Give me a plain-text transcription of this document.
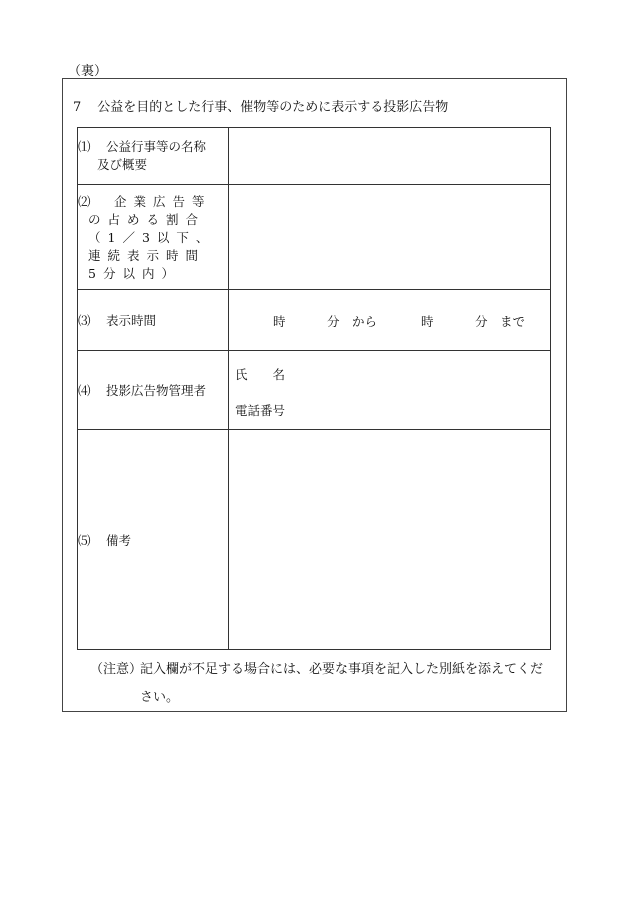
（裏）
7 公益を目的とした行事、催物等のために表示する投影広告物
⑴ 公益行事等の名称
及び概要	

⑵ 企業広告等
の占める割合
（1／3以下、
連続表示時間
5分以内）	

⑶ 表示時間	時 分　から 時 分　まで

⑷ 投影広告物管理者	氏　　名
電話番号

⑸ 備考	
（注意）
記入欄が不足する場合には、必要な事項を記入した別紙を添えてくだ
さい。
